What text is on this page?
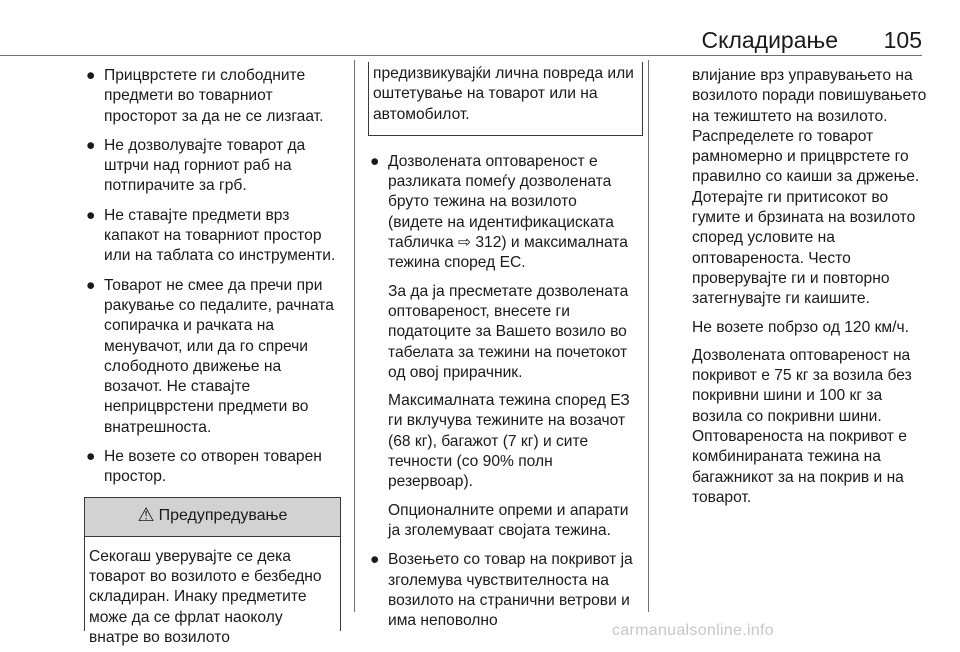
Складирање 105
● Прицврстете ги слободните предмети во товарниот просторот за да не се лизгаат.
● Не дозволувајте товарот да штрчи над горниот раб на потпирачите за грб.
● Не ставајте предмети врз капакот на товарниот простор или на таблата со инструменти.
● Товарот не смее да пречи при ракување со педалите, рачната сопирачка и рачката на менувачот, или да го спречи слободното движење на возачот. Не ставајте неприцврстени предмети во внатрешноста.
● Не возете со отворен товарен простор.
⚠ Предупредување
Секогаш уверувајте се дека товарот во возилото е безбедно складиран. Инаку предметите може да се фрлат наоколу внатре во возилото
предизвикувајќи лична повреда или оштетување на товарот или на автомобилот.
● Дозволената оптовареност е разликата помеѓу дозволената бруто тежина на возилото (видете на идентификациската табличка ⇨ 312) и максималната тежина според ЕС.

За да ја пресметате дозволената оптовареност, внесете ги податоците за Вашето возило во табелата за тежини на почетокот од овој прирачник.

Максималната тежина според ЕЗ ги вклучува тежините на возачот (68 кг), багажот (7 кг) и сите течности (со 90% полн резервоар).

Опционалните опреми и апарати ја зголемуваат својата тежина.

● Возењето со товар на покривот ја зголемува чувствителноста на возилото на странични ветрови и има неповолно

влијание врз управувањето на возилото поради повишувањето на тежиштето на возилото. Распределете го товарот рамномерно и прицврстете го правилно со каиши за држење. Дотерајте ги притисокот во гумите и брзината на возилото според условите на оптовареноста. Често проверувајте ги и повторно затегнувајте ги каишите.

Не возете побрзо од 120 км/ч.

Дозволената оптовареност на покривот е 75 кг за возила без покривни шини и 100 кг за возила со покривни шини. Оптовареноста на покривот е комбинираната тежина на багажникот за на покрив и на товарот.

carmanualsonline.info
